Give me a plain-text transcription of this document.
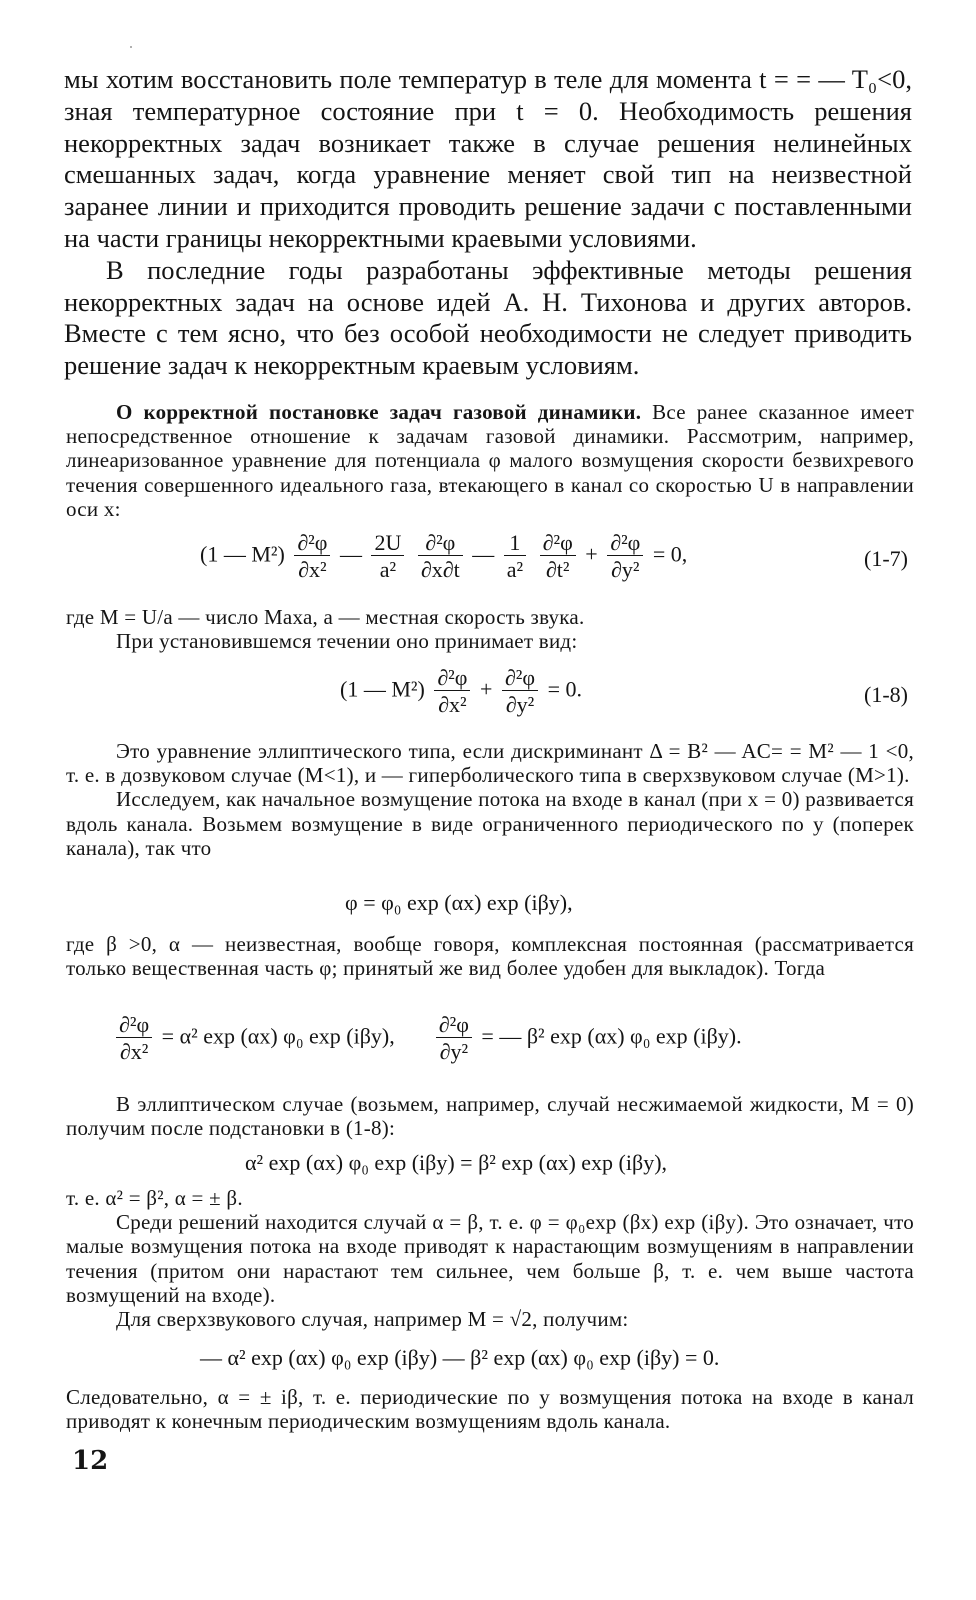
мы хотим восстановить поле температур в теле для момента t = = — T₀<0, зная температурное состояние при t = 0. Необходимость решения некорректных задач возникает также в случае решения нелинейных смешанных задач, когда уравнение меняет свой тип на неизвестной заранее линии и приходится проводить решение задачи с поставленными на части границы некорректными краевыми условиями.

В последние годы разработаны эффективные методы решения некорректных задач на основе идей А. Н. Тихонова и других авторов. Вместе с тем ясно, что без особой необходимости не следует приводить решение задач к некорректным краевым условиям.

О корректной постановке задач газовой динамики. Все ранее сказанное имеет непосредственное отношение к задачам газовой динамики. Рассмотрим, например, линеаризованное уравнение для потенциала φ малого возмущения скорости безвихревого течения совершенного идеального газа, втекающего в канал со скоростью U в направлении оси x:

(1 — $M^2) \frac{\text{∂²φ}}{\text{∂x²}}$ — $\frac{2U}{\text{a²}}$
$\frac{\text{∂²φ}}{\partial x\partial t}$ — $\frac{1}{\text{a²}}$
$\frac{\text{∂²φ}}{\text{∂t²}} + \frac{\text{∂²φ}}{\text{∂y²}} = 0$,	(1-7)

где M = U/a — число Маха, a — местная скорость звука.

При установившемся течении оно принимает вид:

(1 — $M^2) \frac{\text{∂²φ}}{\text{∂x²}} + \frac{\text{∂²φ}}{\text{∂y²}} = 0$.	(1-8)

Это уравнение эллиптического типа, если дискриминант Δ = B² — AC= = M² — 1 <0, т. е. в дозвуковом случае (M<1), и — гиперболического типа в сверхзвуковом случае (M>1).

Исследуем, как начальное возмущение потока на входе в канал (при x = 0) развивается вдоль канала. Возьмем возмущение в виде ограниченного периодического по y (поперек канала), так что

φ = φ₀ exp (αx) exp (iβy),

где β >0, α — неизвестная, вообще говоря, комплексная постоянная (рассматривается только вещественная часть φ; принятый же вид более удобен для выкладок). Тогда

$\frac{\text{∂²φ}}{\text{∂x²}} = \alpha^2$ exp (αx) φ₀ exp (iβy), $\frac{\text{∂²φ}}{\text{∂y²}}$ = — β² exp (αx) φ₀ exp (iβy).

В эллиптическом случае (возьмем, например, случай несжимаемой жидкости, M = 0) получим после подстановки в (1-8):

α² exp (αx) φ₀ exp (iβy) = β² exp (αx) exp (iβy),

т. е. α² = β², α = ± β.

Среди решений находится случай α = β, т. е. φ = φ₀exp (βx) exp (iβy). Это означает, что малые возмущения потока на входе приводят к нарастающим возмущениям в направлении течения (притом они нарастают тем сильнее, чем больше β, т. е. чем выше частота возмущений на входе).

Для сверхзвукового случая, например M = √2, получим:

— α² exp (αx) φ₀ exp (iβy) — β² exp (αx) φ₀ exp (iβy) = 0.

Следовательно, α = ± iβ, т. е. периодические по y возмущения потока на входе в канал приводят к конечным периодическим возмущениям вдоль канала.

12
